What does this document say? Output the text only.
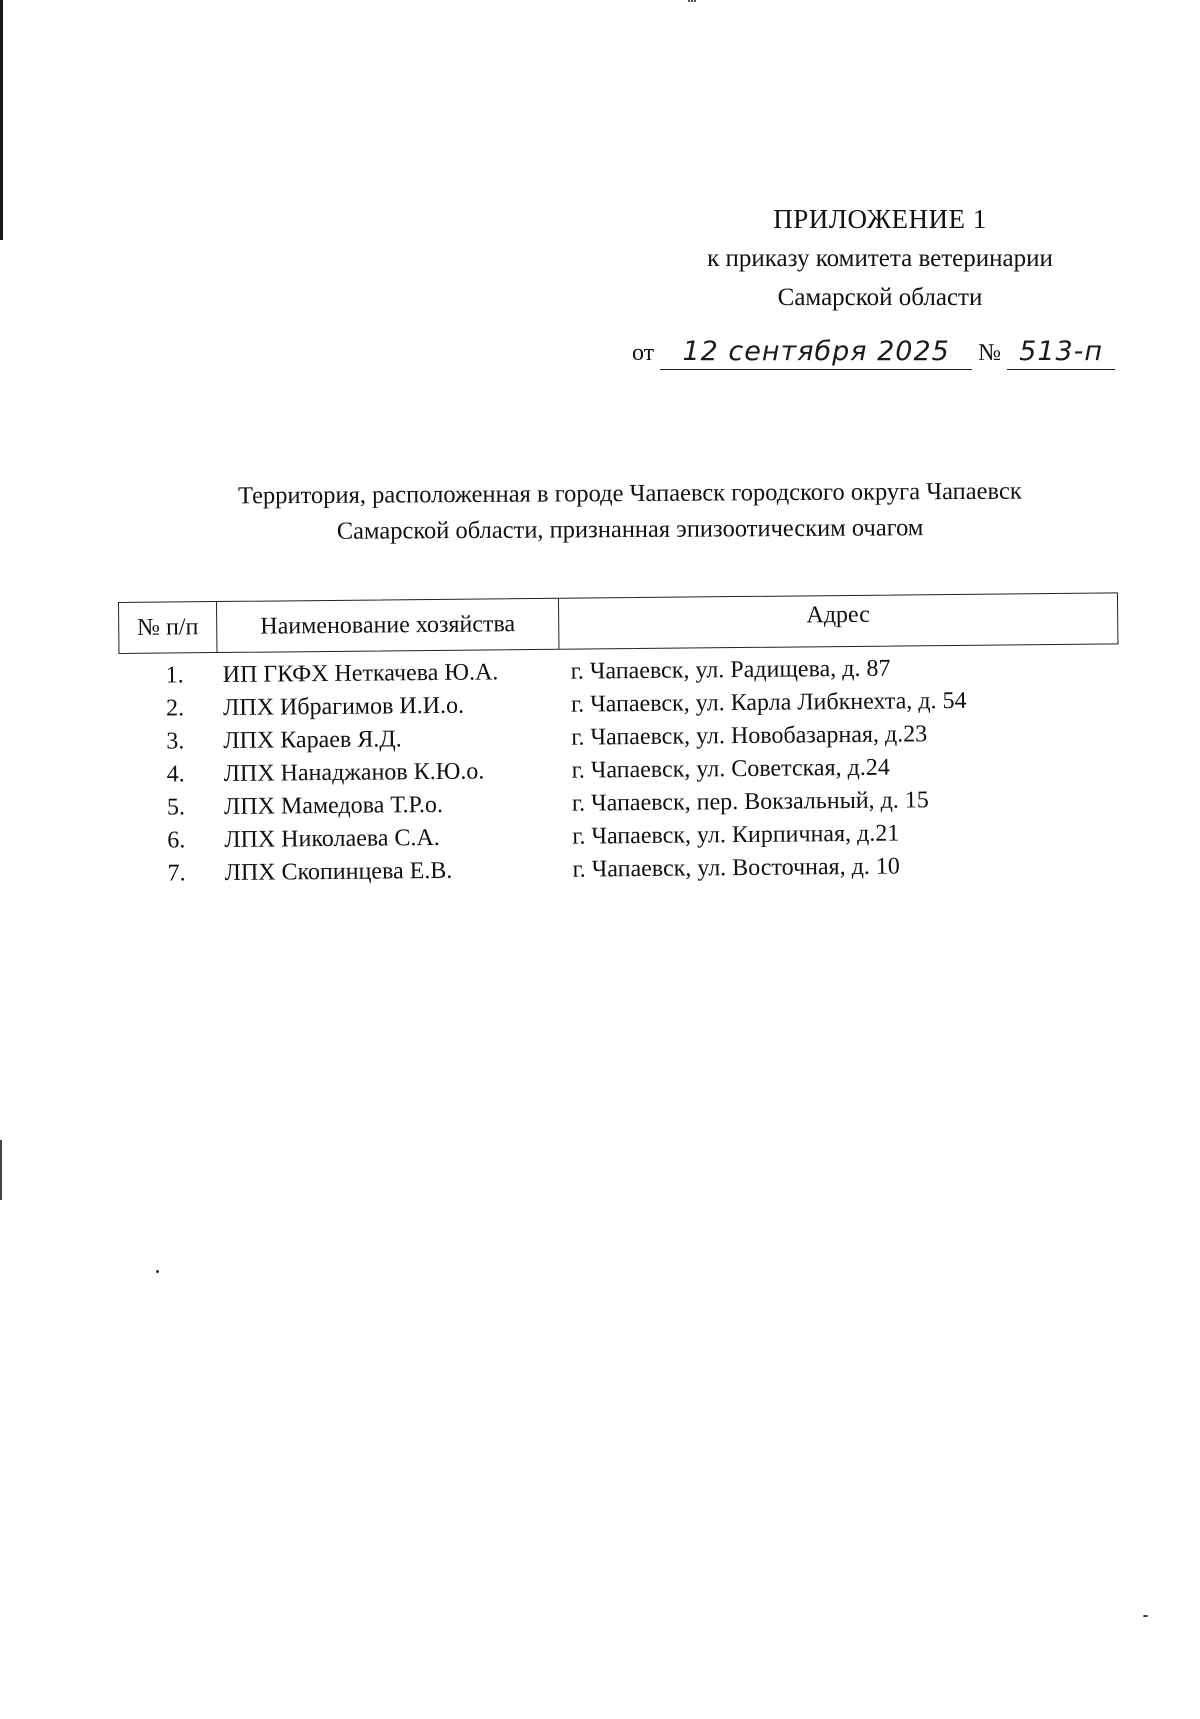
ПРИЛОЖЕНИЕ 1
к приказу комитета ветеринарии
Самарской области
от 12 сентября 2025 № 513-п
Территория, расположенная в городе Чапаевск городского округа Чапаевск
Самарской области, признанная эпизоотическим очагом
№ п/п	Наименование хозяйства	Адрес
1.	ИП ГКФХ Неткачева Ю.А.	г. Чапаевск, ул. Радищева, д. 87
2.	ЛПХ Ибрагимов И.И.о.	г. Чапаевск, ул. Карла Либкнехта, д. 54
3.	ЛПХ Караев Я.Д.	г. Чапаевск, ул. Новобазарная, д.23
4.	ЛПХ Нанаджанов К.Ю.о.	г. Чапаевск, ул. Советская, д.24
5.	ЛПХ Мамедова Т.Р.о.	г. Чапаевск, пер. Вокзальный, д. 15
6.	ЛПХ Николаева С.А.	г. Чапаевск, ул. Кирпичная, д.21
7.	ЛПХ Скопинцева Е.В.	г. Чапаевск, ул. Восточная, д. 10
